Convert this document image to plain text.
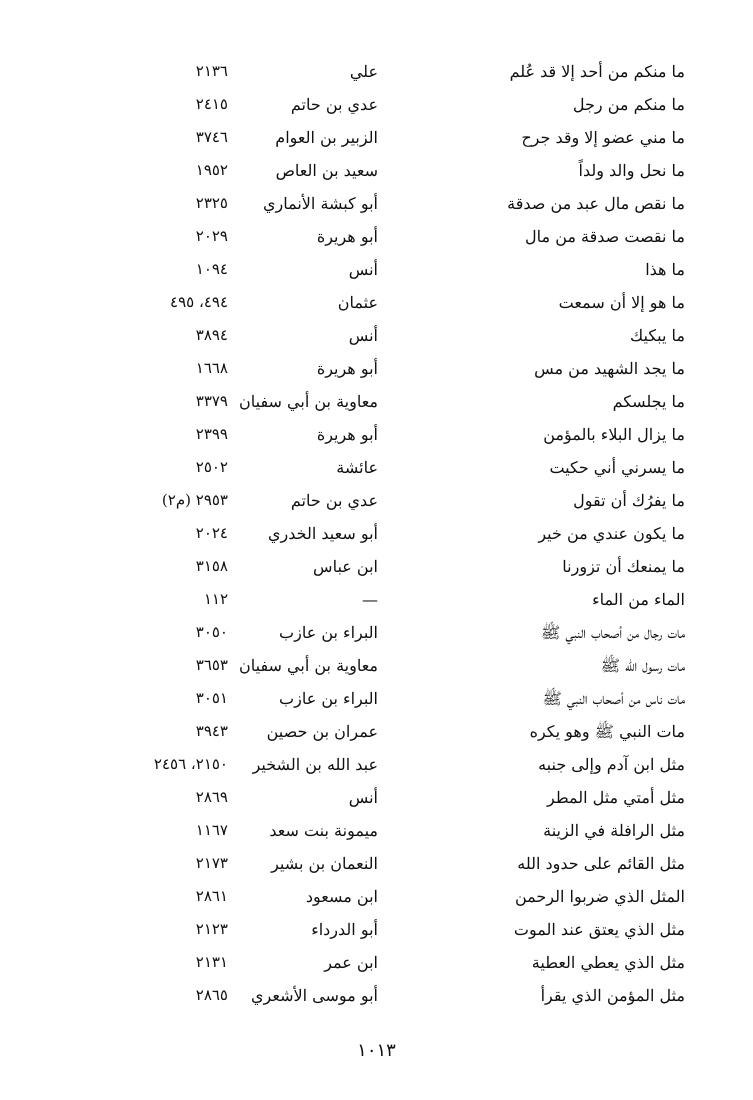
ما منكم من أحد إلا قد عُلم
علي
٢١٣٦
ما منكم من رجل
عدي بن حاتم
٢٤١٥
ما مني عضو إلا وقد جرح
الزبير بن العوام
٣٧٤٦
ما نحل والد ولداً
سعيد بن العاص
١٩٥٢
ما نقص مال عبد من صدقة
أبو كبشة الأنماري
٢٣٢٥
ما نقصت صدقة من مال
أبو هريرة
٢٠٢٩
ما هذا
أنس
١٠٩٤
ما هو إلا أن سمعت
عثمان
٤٩٤، ٤٩٥
ما يبكيك
أنس
٣٨٩٤
ما يجد الشهيد من مس
أبو هريرة
١٦٦٨
ما يجلسكم
معاوية بن أبي سفيان
٣٣٧٩
ما يزال البلاء بالمؤمن
أبو هريرة
٢٣٩٩
ما يسرني أني حكيت
عائشة
٢٥٠٢
ما يفرُك أن تقول
عدي بن حاتم
٢٩٥٣ (م٢)
ما يكون عندي من خير
أبو سعيد الخدري
٢٠٢٤
ما يمنعك أن تزورنا
ابن عباس
٣١٥٨
الماء من الماء
—
١١٢
مات رجال من أصحاب النبي ﷺ
البراء بن عازب
٣٠٥٠
مات رسول الله ﷺ
معاوية بن أبي سفيان
٣٦٥٣
مات ناس من أصحاب النبي ﷺ
البراء بن عازب
٣٠٥١
مات النبي ﷺ وهو يكره
عمران بن حصين
٣٩٤٣
مثل ابن آدم وإلى جنبه
عبد الله بن الشخير
٢١٥٠، ٢٤٥٦
مثل أمتي مثل المطر
أنس
٢٨٦٩
مثل الرافلة في الزينة
ميمونة بنت سعد
١١٦٧
مثل القائم على حدود الله
النعمان بن بشير
٢١٧٣
المثل الذي ضربوا الرحمن
ابن مسعود
٢٨٦١
مثل الذي يعتق عند الموت
أبو الدرداء
٢١٢٣
مثل الذي يعطي العطية
ابن عمر
٢١٣١
مثل المؤمن الذي يقرأ
أبو موسى الأشعري
٢٨٦٥
١٠١٣
